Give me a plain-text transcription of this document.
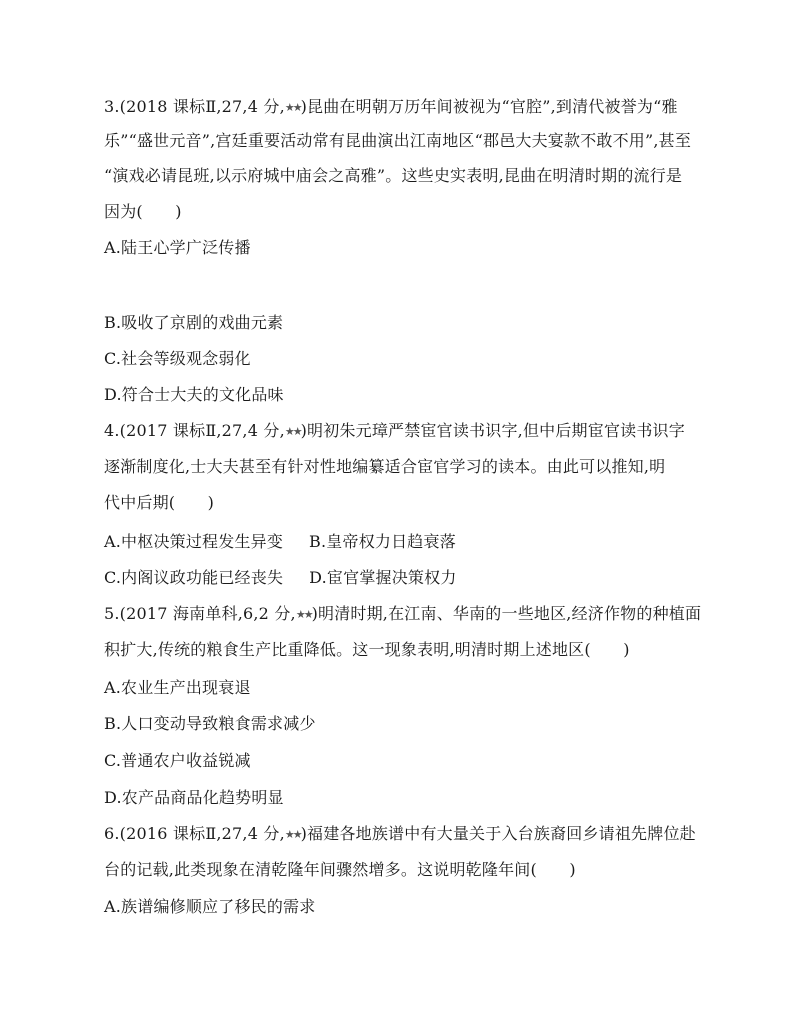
3.(2018 课标Ⅱ,27,4 分,★★)昆曲在明朝万历年间被视为“官腔”,到清代被誉为“雅
乐”“盛世元音”,宫廷重要活动常有昆曲演出江南地区“郡邑大夫宴款不敢不用”,甚至
“演戏必请昆班,以示府城中庙会之高雅”。这些史实表明,昆曲在明清时期的流行是
因为(　　)
A.陆王心学广泛传播
B.吸收了京剧的戏曲元素
C.社会等级观念弱化
D.符合士大夫的文化品味
4.(2017 课标Ⅱ,27,4 分,★★)明初朱元璋严禁宦官读书识字,但中后期宦官读书识字
逐渐制度化,士大夫甚至有针对性地编纂适合宦官学习的读本。由此可以推知,明
代中后期(　　)
A.中枢决策过程发生异变 B.皇帝权力日趋衰落
C.内阁议政功能已经丧失 D.宦官掌握决策权力
5.(2017 海南单科,6,2 分,★★)明清时期,在江南、华南的一些地区,经济作物的种植面
积扩大,传统的粮食生产比重降低。这一现象表明,明清时期上述地区(　　)
A.农业生产出现衰退
B.人口变动导致粮食需求减少
C.普通农户收益锐减
D.农产品商品化趋势明显
6.(2016 课标Ⅱ,27,4 分,★★)福建各地族谱中有大量关于入台族裔回乡请祖先牌位赴
台的记载,此类现象在清乾隆年间骤然增多。这说明乾隆年间(　　)
A.族谱编修顺应了移民的需求
